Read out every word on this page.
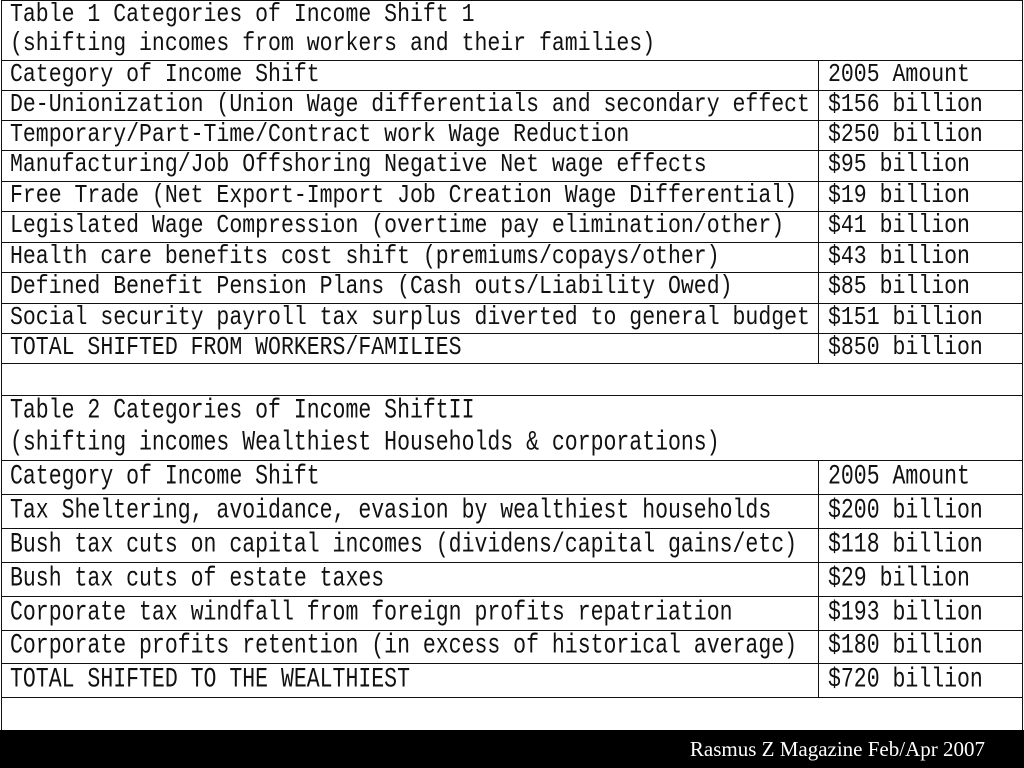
Table 1 Categories of Income Shift 1
(shifting incomes from workers and their families)
Category of Income Shift	2005 Amount
De-Unionization (Union Wage differentials and secondary effect $156 billion
Temporary/Part-Time/Contract work Wage Reduction	$250 billion
Manufacturing/Job Offshoring Negative Net wage effects	$95 billion
Free Trade (Net Export-Import Job Creation Wage Differential) $19 billion
Legislated Wage Compression (overtime pay elimination/other) $41 billion
Health care benefits cost shift (premiums/copays/other)	$43 billion
Defined Benefit Pension Plans (Cash outs/Liability Owed)	$85 billion
Social security payroll tax surplus diverted to general budget $151 billion
TOTAL SHIFTED FROM WORKERS/FAMILIES	$850 billion
Table 2 Categories of Income ShiftII
(shifting incomes Wealthiest Households & corporations)
Category of Income Shift	2005 Amount
Tax Sheltering, avoidance, evasion by wealthiest households	$200 billion
Bush tax cuts on capital incomes (dividens/capital gains/etc) $118 billion
Bush tax cuts of estate taxes	$29 billion
Corporate tax windfall from foreign profits repatriation	$193 billion
Corporate profits retention (in excess of historical average) $180 billion
TOTAL SHIFTED TO THE WEALTHIEST	$720 billion
Rasmus Z Magazine Feb/Apr 2007
